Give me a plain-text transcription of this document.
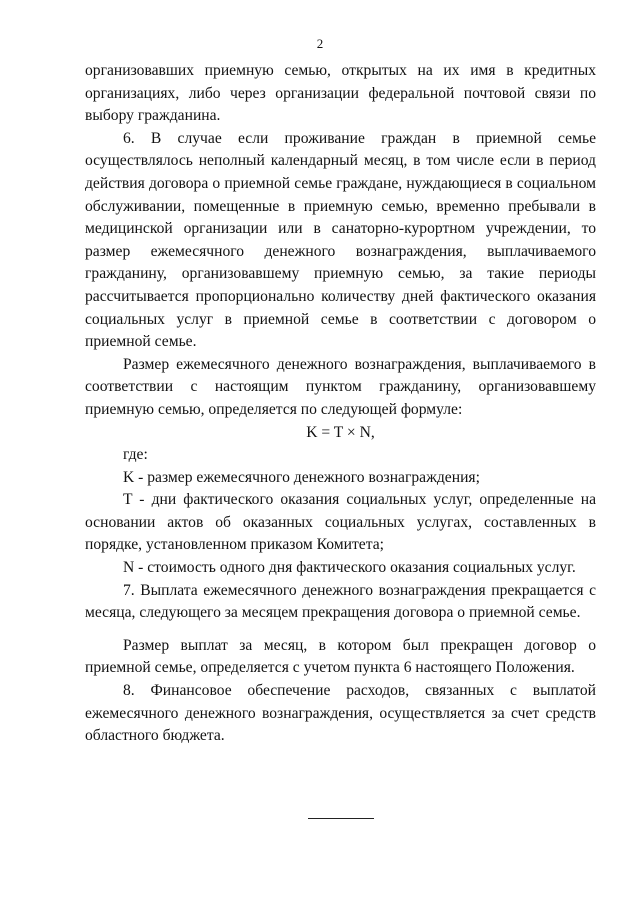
2

организовавших приемную семью, открытых на их имя в кредитных организациях, либо через организации федеральной почтовой связи по выбору гражданина.

6. В случае если проживание граждан в приемной семье осуществлялось неполный календарный месяц, в том числе если в период действия договора о приемной семье граждане, нуждающиеся в социальном обслуживании, помещенные в приемную семью, временно пребывали в медицинской организации или в санаторно-курортном учреждении, то размер ежемесячного денежного вознаграждения, выплачиваемого гражданину, организовавшему приемную семью, за такие периоды рассчитывается пропорционально количеству дней фактического оказания социальных услуг в приемной семье в соответствии с договором о приемной семье.

Размер ежемесячного денежного вознаграждения, выплачиваемого в соответствии с настоящим пунктом гражданину, организовавшему приемную семью, определяется по следующей формуле:

K = T × N,

где:

K - размер ежемесячного денежного вознаграждения;

T - дни фактического оказания социальных услуг, определенные на основании актов об оказанных социальных услугах, составленных в порядке, установленном приказом Комитета;

N - стоимость одного дня фактического оказания социальных услуг.

7. Выплата ежемесячного денежного вознаграждения прекращается с месяца, следующего за месяцем прекращения договора о приемной семье.

Размер выплат за месяц, в котором был прекращен договор о приемной семье, определяется с учетом пункта 6 настоящего Положения.

8. Финансовое обеспечение расходов, связанных с выплатой ежемесячного денежного вознаграждения, осуществляется за счет средств областного бюджета.
